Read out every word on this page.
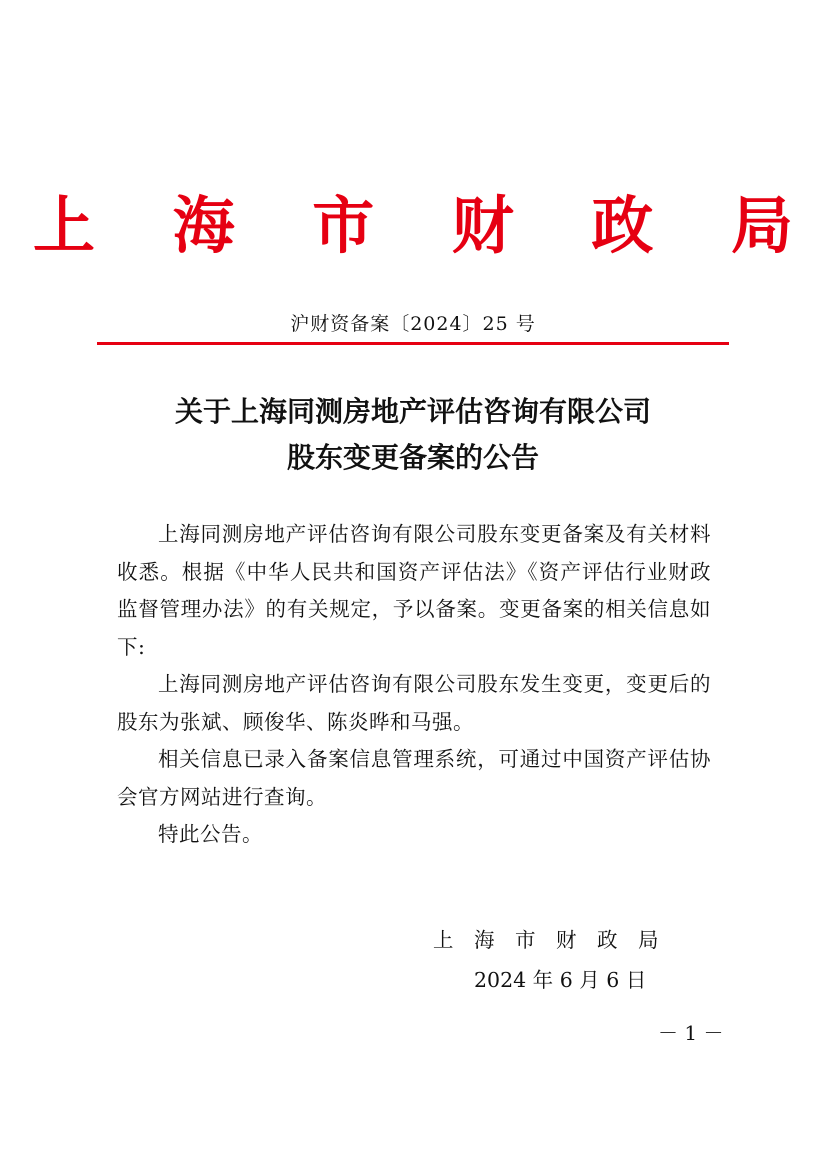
上 海 市 财 政 局
沪财资备案〔2024〕25 号
关于上海同测房地产评估咨询有限公司
股东变更备案的公告

上海同测房地产评估咨询有限公司股东变更备案及有关材料收悉。根据《中华人民共和国资产评估法》《资产评估行业财政监督管理办法》的有关规定，予以备案。变更备案的相关信息如下:

上海同测房地产评估咨询有限公司股东发生变更，变更后的股东为张斌、顾俊华、陈炎晔和马强。

相关信息已录入备案信息管理系统，可通过中国资产评估协会官方网站进行查询。

特此公告。

上　海　市　财　政　局
2024 年 6 月 6 日
－ 1 －
